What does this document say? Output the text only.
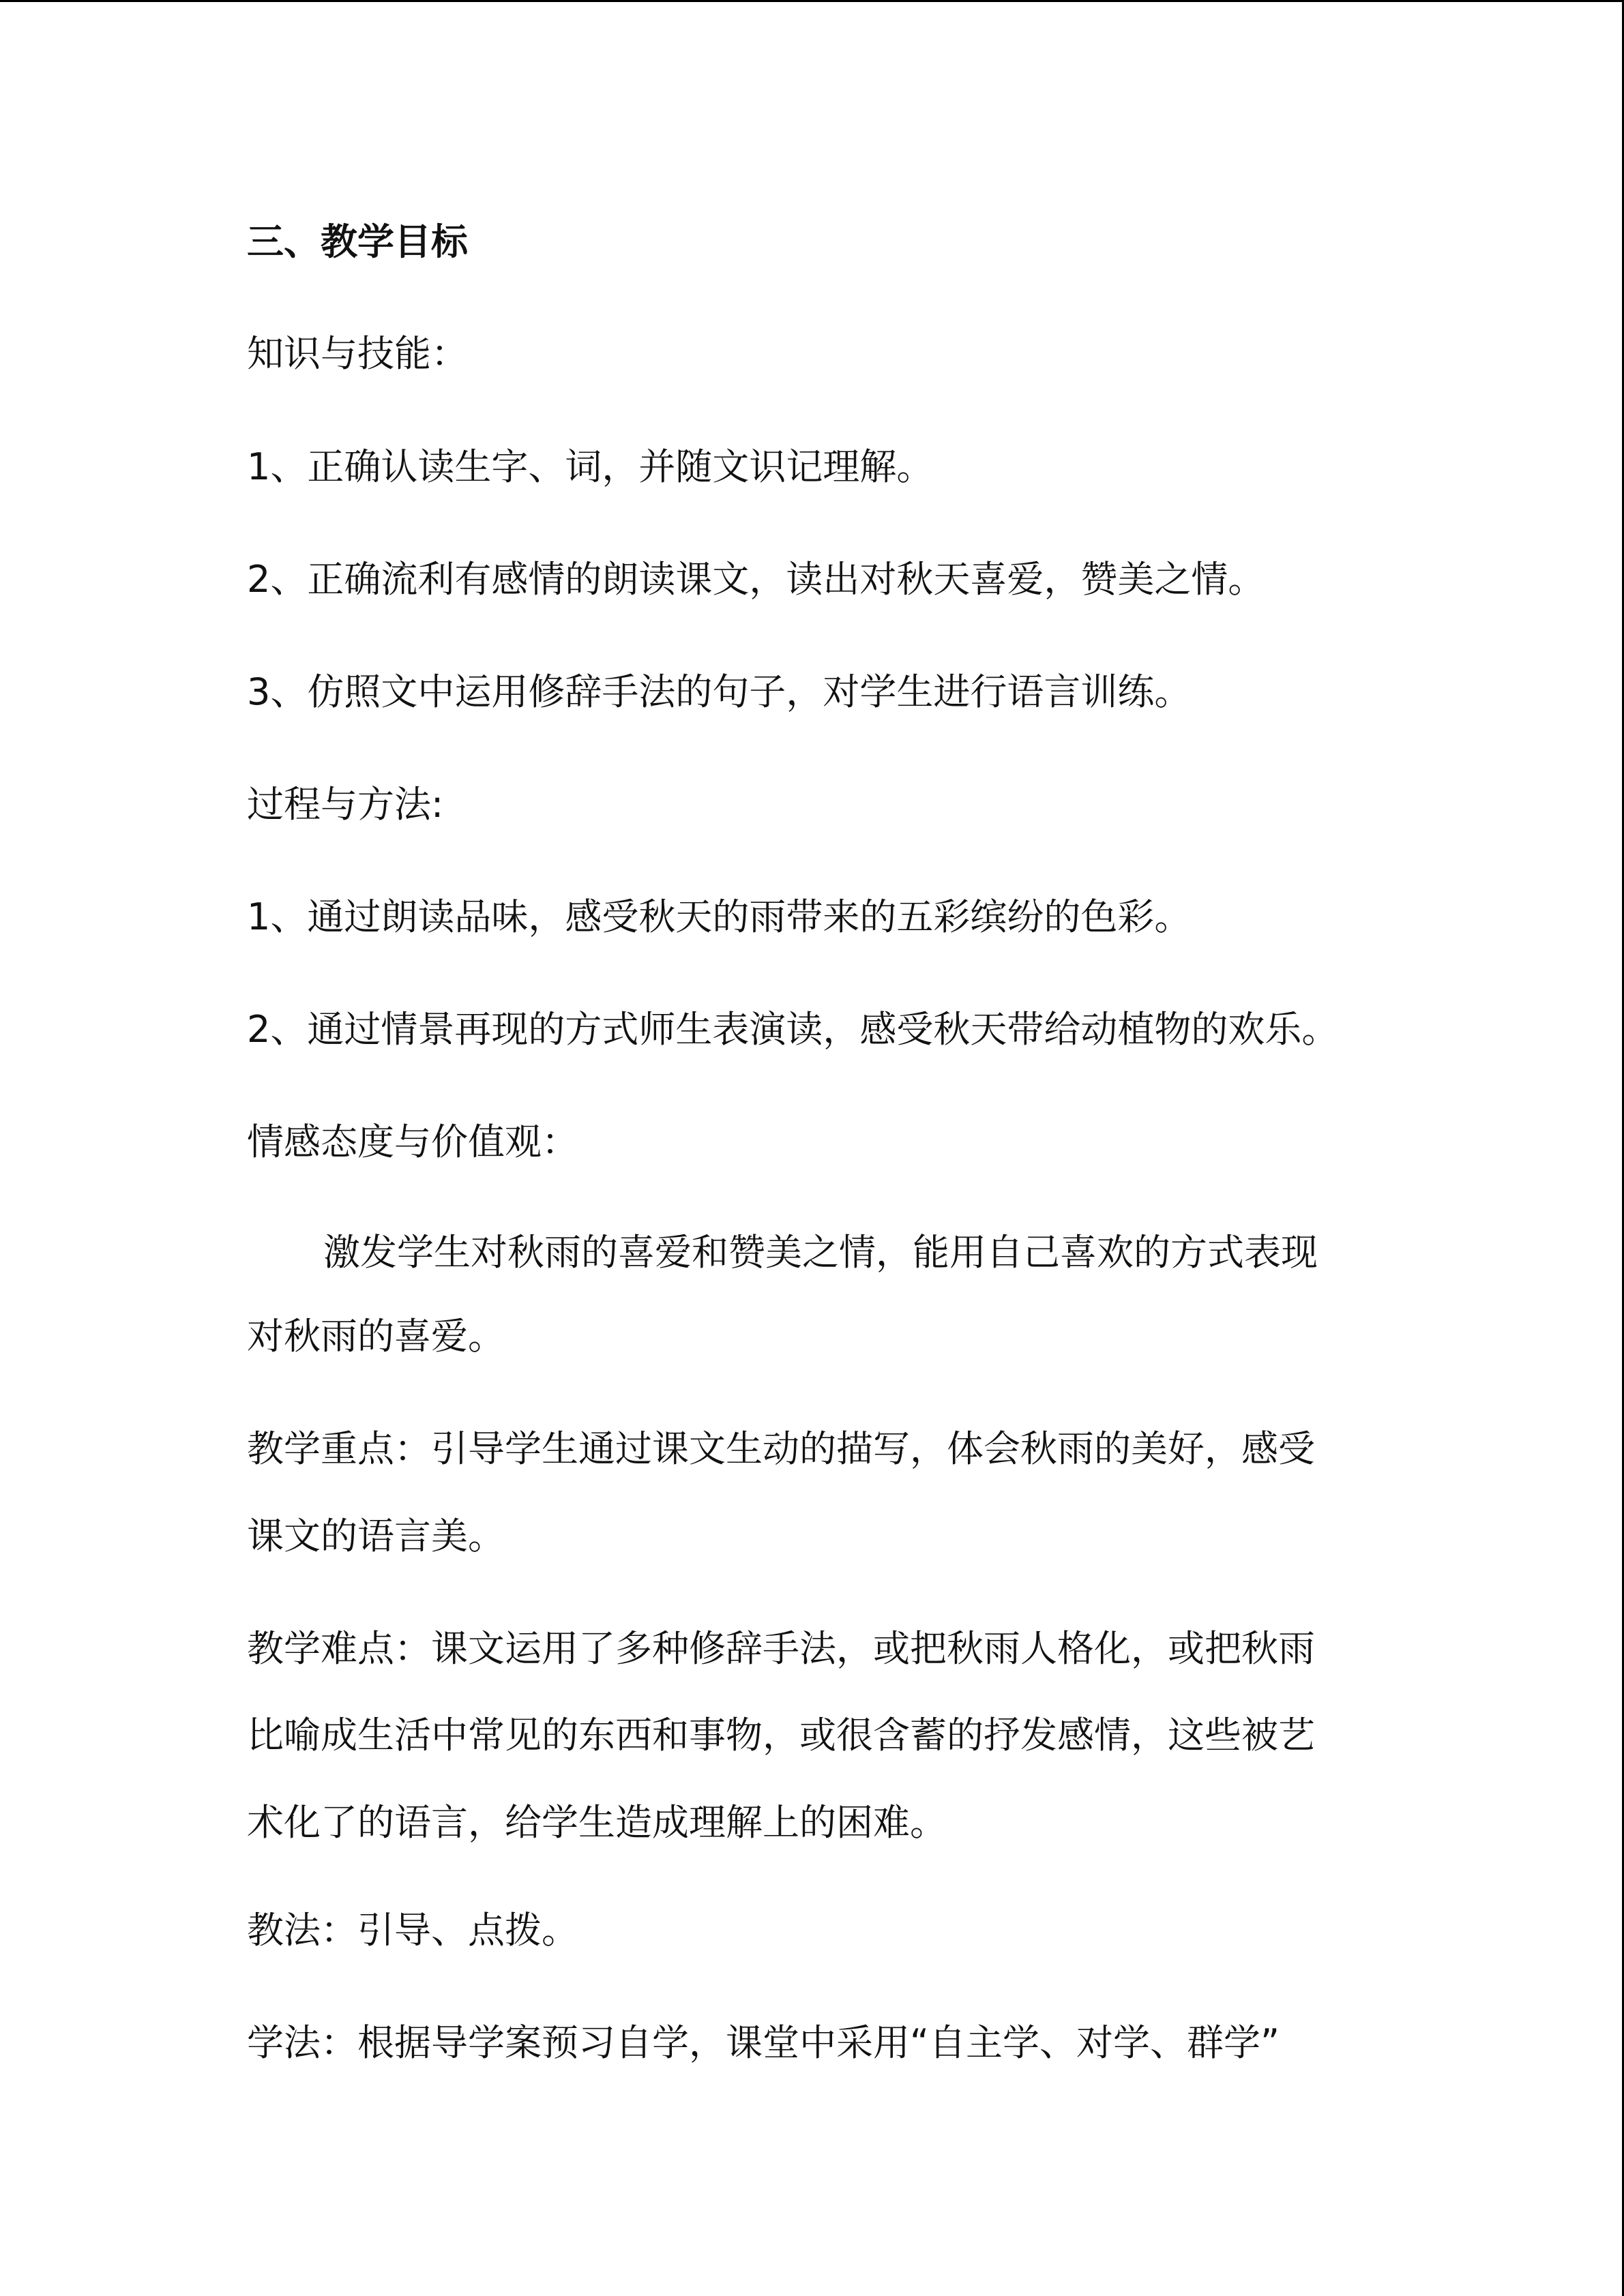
三、教学目标
知识与技能：
1、正确认读生字、词，并随文识记理解。
2、正确流利有感情的朗读课文，读出对秋天喜爱，赞美之情。
3、仿照文中运用修辞手法的句子，对学生进行语言训练。
过程与方法:
1、通过朗读品味，感受秋天的雨带来的五彩缤纷的色彩。
2、通过情景再现的方式师生表演读，感受秋天带给动植物的欢乐。
情感态度与价值观：
激发学生对秋雨的喜爱和赞美之情，能用自己喜欢的方式表现
对秋雨的喜爱。
教学重点：引导学生通过课文生动的描写，体会秋雨的美好，感受
课文的语言美。
教学难点：课文运用了多种修辞手法，或把秋雨人格化，或把秋雨
比喻成生活中常见的东西和事物，或很含蓄的抒发感情，这些被艺
术化了的语言，给学生造成理解上的困难。
教法：引导、点拨。
学法：根据导学案预习自学，课堂中采用“自主学、对学、群学”
